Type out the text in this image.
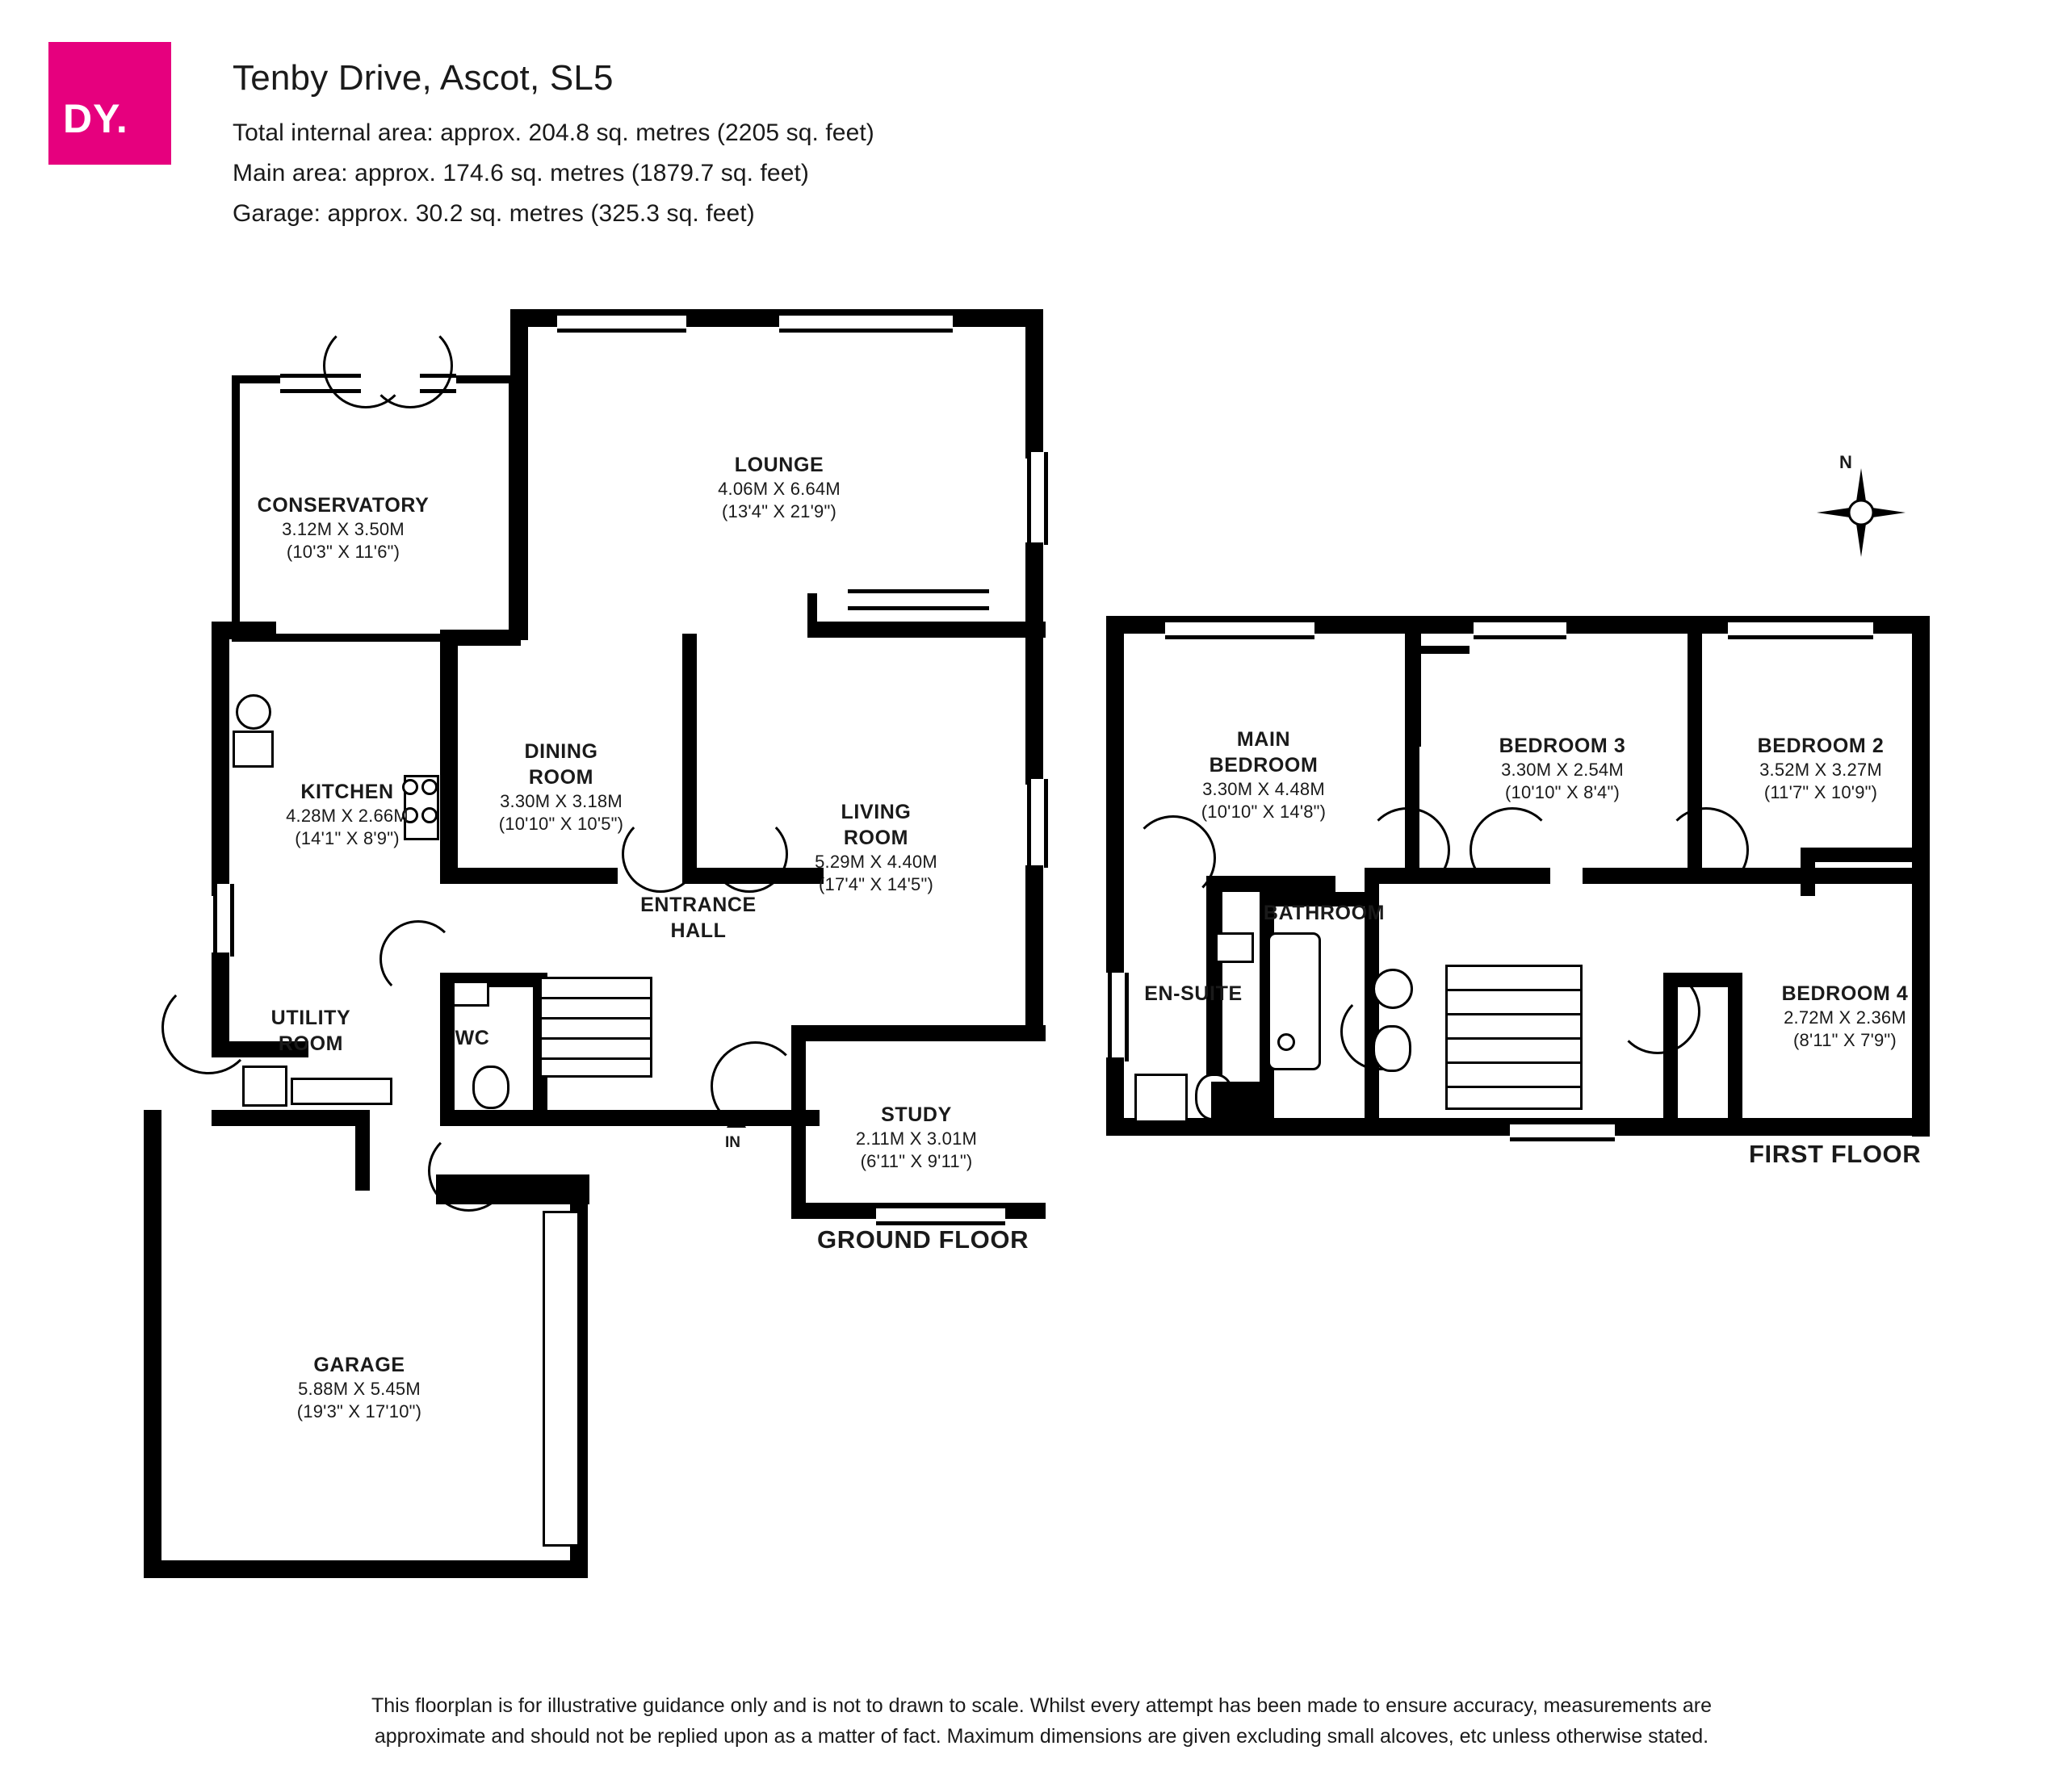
DY.
Tenby Drive, Ascot, SL5
Total internal area: approx. 204.8 sq. metres (2205 sq. feet)
Main area: approx. 174.6 sq. metres (1879.7 sq. feet)
Garage: approx. 30.2 sq. metres (325.3 sq. feet)
IN
CONSERVATORY
3.12M X 3.50M
(10'3" X 11'6")
LOUNGE
4.06M X 6.64M
(13'4" X 21'9")
KITCHEN
4.28M X 2.66M
(14'1" X 8'9")
DINING
ROOM
3.30M X 3.18M
(10'10" X 10'5")
LIVING
ROOM
5.29M X 4.40M
(17'4" X 14'5")
ENTRANCE
HALL
UTILITY
ROOM	WC
STUDY
2.11M X 3.01M
(6'11" X 9'11")
GARAGE
5.88M X 5.45M
(19'3" X 17'10")
GROUND FLOOR
MAIN
BEDROOM
3.30M X 4.48M
(10'10" X 14'8")
BEDROOM 3
3.30M X 2.54M
(10'10" X 8'4")
BEDROOM 2
3.52M X 3.27M
(11'7" X 10'9")
BEDROOM 4
2.72M X 2.36M
(8'11" X 7'9")
BATHROOM
EN-SUITE
FIRST FLOOR
N
This floorplan is for illustrative guidance only and is not to drawn to scale. Whilst every attempt has been made to ensure accuracy, measurements are
approximate and should not be replied upon as a matter of fact. Maximum dimensions are given excluding small alcoves, etc unless otherwise stated.
